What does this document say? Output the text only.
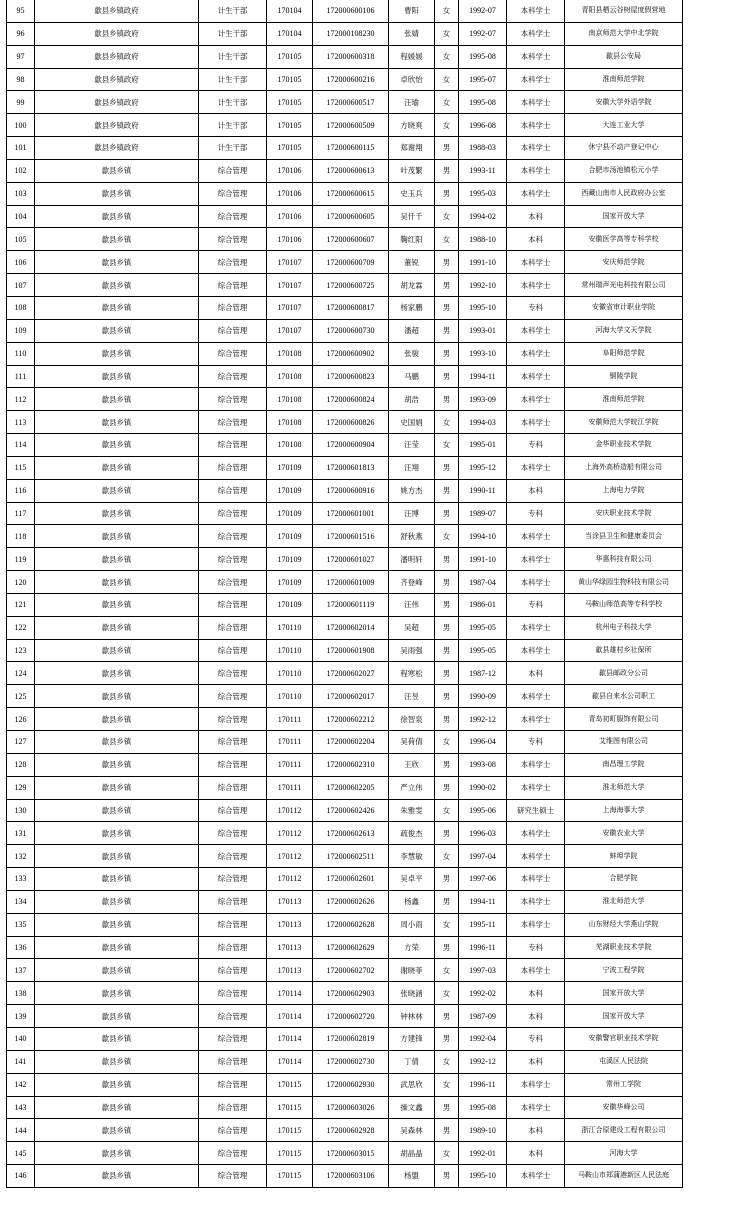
95	歙县乡镇政府	计生干部	170104	172000600106	曹阳	女	1992-07	本科学士	青阳县栖云谷树屋度假营地
96	歙县乡镇政府	计生干部	170104	172000108230	张婧	女	1992-07	本科学士	南京师范大学中北学院
97	歙县乡镇政府	计生干部	170105	172000600318	程媛媛	女	1995-08	本科学士	歙县公安局
98	歙县乡镇政府	计生干部	170105	172000600216	卓欣怡	女	1995-07	本科学士	淮南师范学院
99	歙县乡镇政府	计生干部	170105	172000600517	汪瑜	女	1995-08	本科学士	安徽大学外语学院
100	歙县乡镇政府	计生干部	170105	172000600509	方晓爽	女	1996-08	本科学士	大连工业大学
101	歙县乡镇政府	计生干部	170105	172000600115	郑谢翔	男	1988-03	本科学士	休宁县不动产登记中心
102	歙县乡镇	综合管理	170106	172000600613	叶茂繁	男	1993-11	本科学士	合肥市汤池镇松元小学
103	歙县乡镇	综合管理	170106	172000600615	史玉兵	男	1995-03	本科学士	西藏山南市人民政府办公室
104	歙县乡镇	综合管理	170106	172000600605	吴仟千	女	1994-02	本科	国家开放大学
105	歙县乡镇	综合管理	170106	172000600607	鞠红阳	女	1988-10	本科	安徽医学高等专科学校
106	歙县乡镇	综合管理	170107	172000600709	董锐	男	1991-10	本科学士	安庆师范学院
107	歙县乡镇	综合管理	170107	172000600725	胡龙霖	男	1992-10	本科学士	常州瑞声光电科技有限公司
108	歙县乡镇	综合管理	170107	172000600817	杨家鹏	男	1995-10	专科	安徽省审计职业学院
109	歙县乡镇	综合管理	170107	172000600730	潘超	男	1993-01	本科学士	河海大学文天学院
110	歙县乡镇	综合管理	170108	172000600902	张骏	男	1993-10	本科学士	阜阳师范学院
111	歙县乡镇	综合管理	170108	172000600823	马鹏	男	1994-11	本科学士	铜陵学院
112	歙县乡镇	综合管理	170108	172000600824	胡浩	男	1993-09	本科学士	淮南师范学院
113	歙县乡镇	综合管理	170108	172000600826	史国娟	女	1994-03	本科学士	安徽师范大学皖江学院
114	歙县乡镇	综合管理	170108	172000600904	汪莹	女	1995-01	专科	金华职业技术学院
115	歙县乡镇	综合管理	170109	172000601813	汪翔	男	1995-12	本科学士	上海外高桥造船有限公司
116	歙县乡镇	综合管理	170109	172000600916	姚方杰	男	1990-11	本科	上海电力学院
117	歙县乡镇	综合管理	170109	172000601001	汪博	男	1989-07	专科	安庆职业技术学院
118	歙县乡镇	综合管理	170109	172000601516	舒秋燕	女	1994-10	本科学士	当涂县卫生和健康委员会
119	歙县乡镇	综合管理	170109	172000601027	潘明轩	男	1991-10	本科学士	华惠科技有限公司
120	歙县乡镇	综合管理	170109	172000601009	齐登峰	男	1987-04	本科学士	黄山华绿园生物科技有限公司
121	歙县乡镇	综合管理	170109	172000601119	汪伟	男	1986-01	专科	马鞍山师范高等专科学校
122	歙县乡镇	综合管理	170110	172000602014	吴超	男	1995-05	本科学士	杭州电子科技大学
123	歙县乡镇	综合管理	170110	172000601908	吴雨强	男	1995-05	本科学士	歙县雄村乡社保所
124	歙县乡镇	综合管理	170110	172000602027	程寒松	男	1987-12	本科	歙县邮政分公司
125	歙县乡镇	综合管理	170110	172000602017	汪昱	男	1990-09	本科学士	歙县自来水公司职工
126	歙县乡镇	综合管理	170111	172000602212	徐智泉	男	1992-12	本科学士	青岛初町服饰有限公司
127	歙县乡镇	综合管理	170111	172000602204	吴荷倩	女	1996-04	专科	艾维图有限公司
128	歙县乡镇	综合管理	170111	172000602310	王欣	男	1993-08	本科学士	南昌理工学院
129	歙县乡镇	综合管理	170111	172000602205	严立伟	男	1990-02	本科学士	淮北师范大学
130	歙县乡镇	综合管理	170112	172000602426	朱雅雯	女	1995-06	研究生硕士	上海海事大学
131	歙县乡镇	综合管理	170112	172000602613	疏俊杰	男	1996-03	本科学士	安徽农业大学
132	歙县乡镇	综合管理	170112	172000602511	李慧敏	女	1997-04	本科学士	蚌埠学院
133	歙县乡镇	综合管理	170112	172000602601	吴卓平	男	1997-06	本科学士	合肥学院
134	歙县乡镇	综合管理	170113	172000602626	杨鑫	男	1994-11	本科学士	淮北师范大学
135	歙县乡镇	综合管理	170113	172000602628	周小雨	女	1995-11	本科学士	山东财经大学燕山学院
136	歙县乡镇	综合管理	170113	172000602629	方荣	男	1996-11	专科	芜湖职业技术学院
137	歙县乡镇	综合管理	170113	172000602702	谢晓菲	女	1997-03	本科学士	宁波工程学院
138	歙县乡镇	综合管理	170114	172000602903	张晓涵	女	1992-02	本科	国家开放大学
139	歙县乡镇	综合管理	170114	172000602720	钟林林	男	1987-09	本科	国家开放大学
140	歙县乡镇	综合管理	170114	172000602819	方建锋	男	1992-04	专科	安徽警官职业技术学院
141	歙县乡镇	综合管理	170114	172000602730	丁倩	女	1992-12	本科	屯溪区人民法院
142	歙县乡镇	综合管理	170115	172000602930	武思欣	女	1996-11	本科学士	常州工学院
143	歙县乡镇	综合管理	170115	172000603026	操文鑫	男	1995-08	本科学士	安徽华峰公司
144	歙县乡镇	综合管理	170115	172000602928	吴森林	男	1989-10	本科	浙江合原建设工程有限公司
145	歙县乡镇	综合管理	170115	172000603015	胡晶晶	女	1992-01	本科	河海大学
146	歙县乡镇	综合管理	170115	172000603106	杨盟	男	1995-10	本科学士	马鞍山市郑蒲港新区人民法庭
